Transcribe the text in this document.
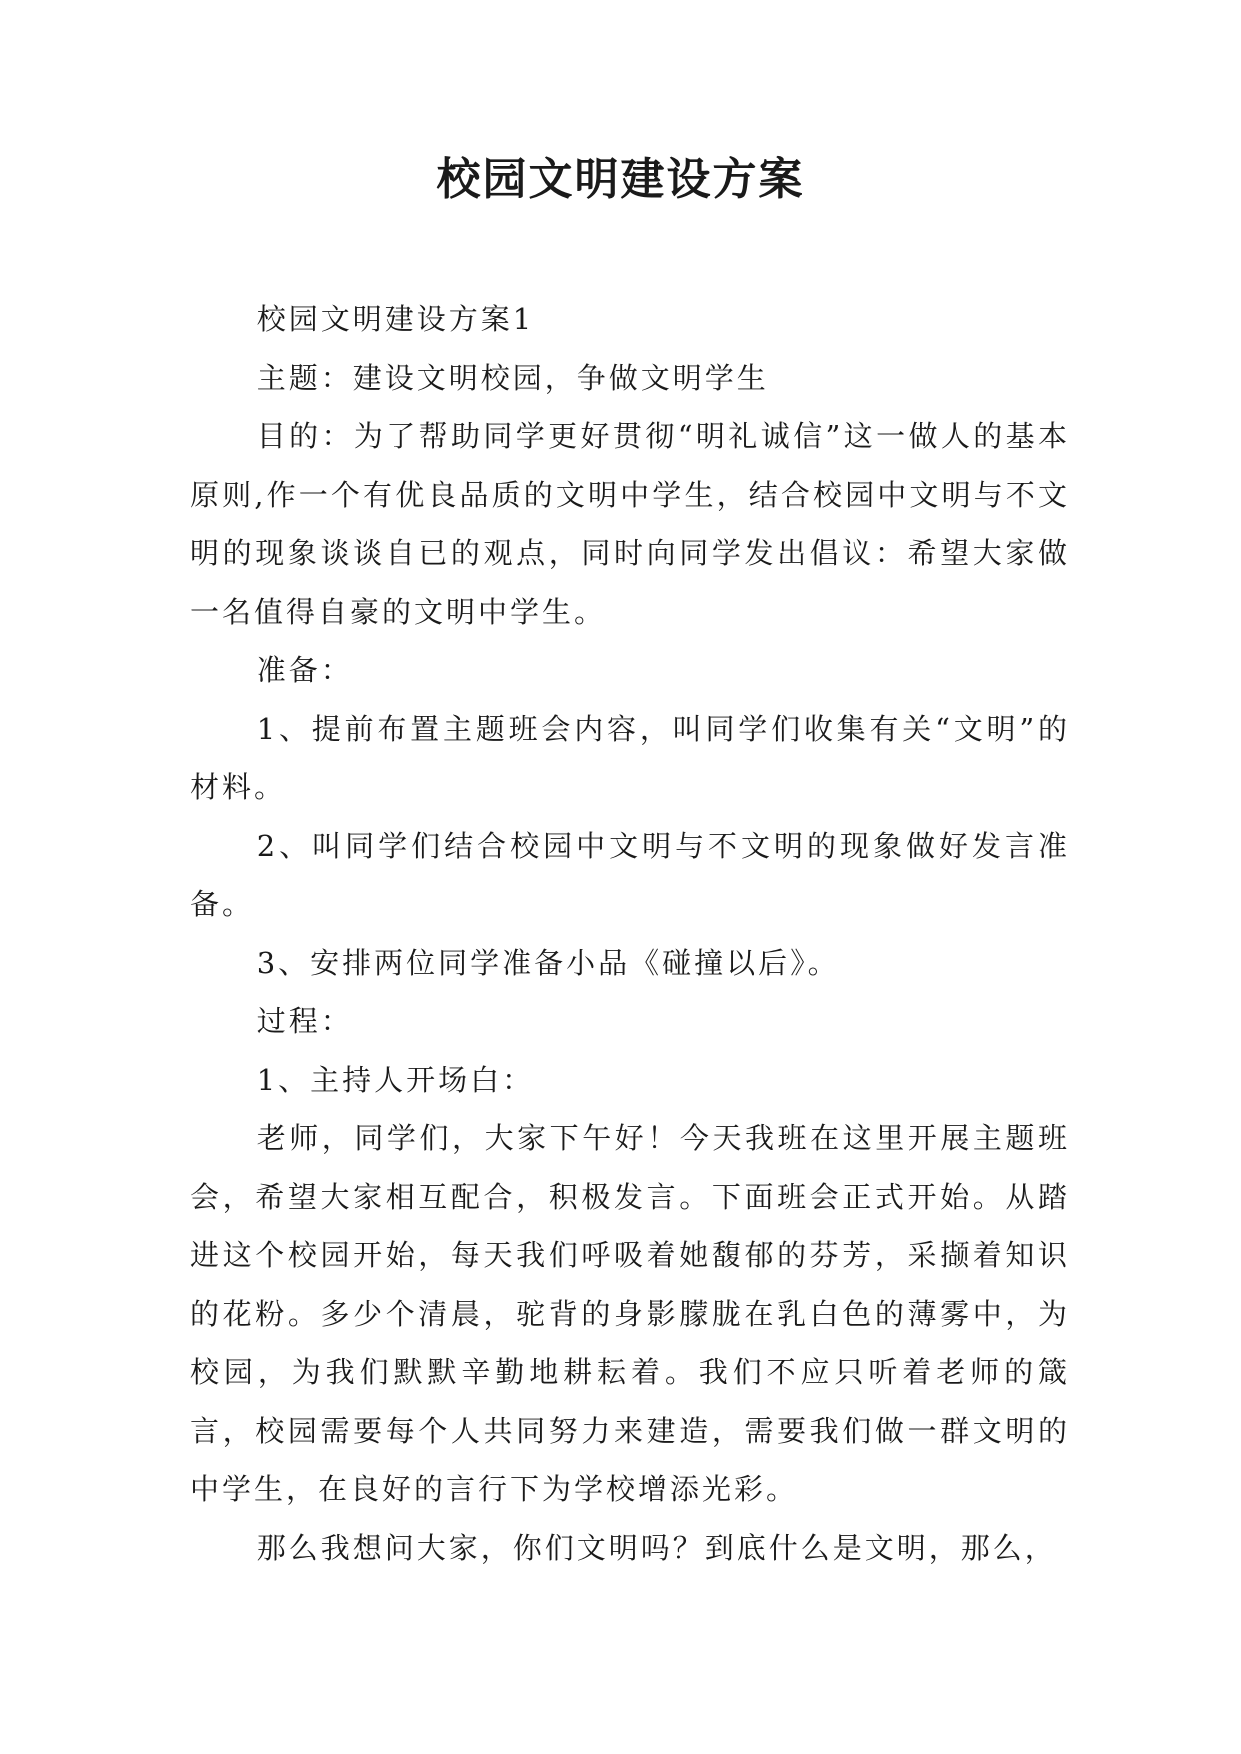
校园文明建设方案

校园文明建设方案1

主题：建设文明校园，争做文明学生

目的：为了帮助同学更好贯彻“明礼诚信”这一做人的基本原则,作一个有优良品质的文明中学生，结合校园中文明与不文明的现象谈谈自已的观点，同时向同学发出倡议：希望大家做一名值得自豪的文明中学生。

准备：

1、提前布置主题班会内容，叫同学们收集有关“文明”的材料。

2、叫同学们结合校园中文明与不文明的现象做好发言准备。

3、安排两位同学准备小品《碰撞以后》。

过程：

1、主持人开场白：

老师，同学们，大家下午好！今天我班在这里开展主题班会，希望大家相互配合，积极发言。下面班会正式开始。从踏进这个校园开始，每天我们呼吸着她馥郁的芬芳，采撷着知识的花粉。多少个清晨，驼背的身影朦胧在乳白色的薄雾中，为校园，为我们默默辛勤地耕耘着。我们不应只听着老师的箴言，校园需要每个人共同努力来建造，需要我们做一群文明的中学生，在良好的言行下为学校增添光彩。

那么我想问大家，你们文明吗？到底什么是文明，那么，
